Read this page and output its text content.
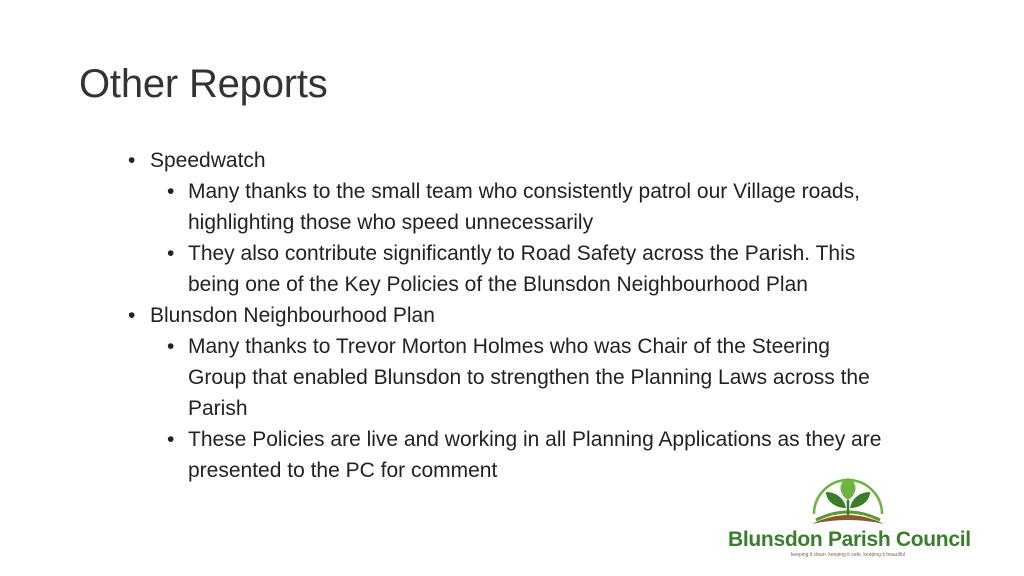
Other Reports
• Speedwatch
• Many thanks to the small team who consistently patrol our Village roads, highlighting those who speed unnecessarily
• They also contribute significantly to Road Safety across the Parish. This being one of the Key Policies of the Blunsdon Neighbourhood Plan
• Blunsdon Neighbourhood Plan
• Many thanks to Trevor Morton Holmes who was Chair of the Steering Group that enabled Blunsdon to strengthen the Planning Laws across the Parish
• These Policies are live and working in all Planning Applications as they are presented to the PC for comment
Blunsdon Parish Council
keeping it clean, keeping it safe, keeping it beautiful
